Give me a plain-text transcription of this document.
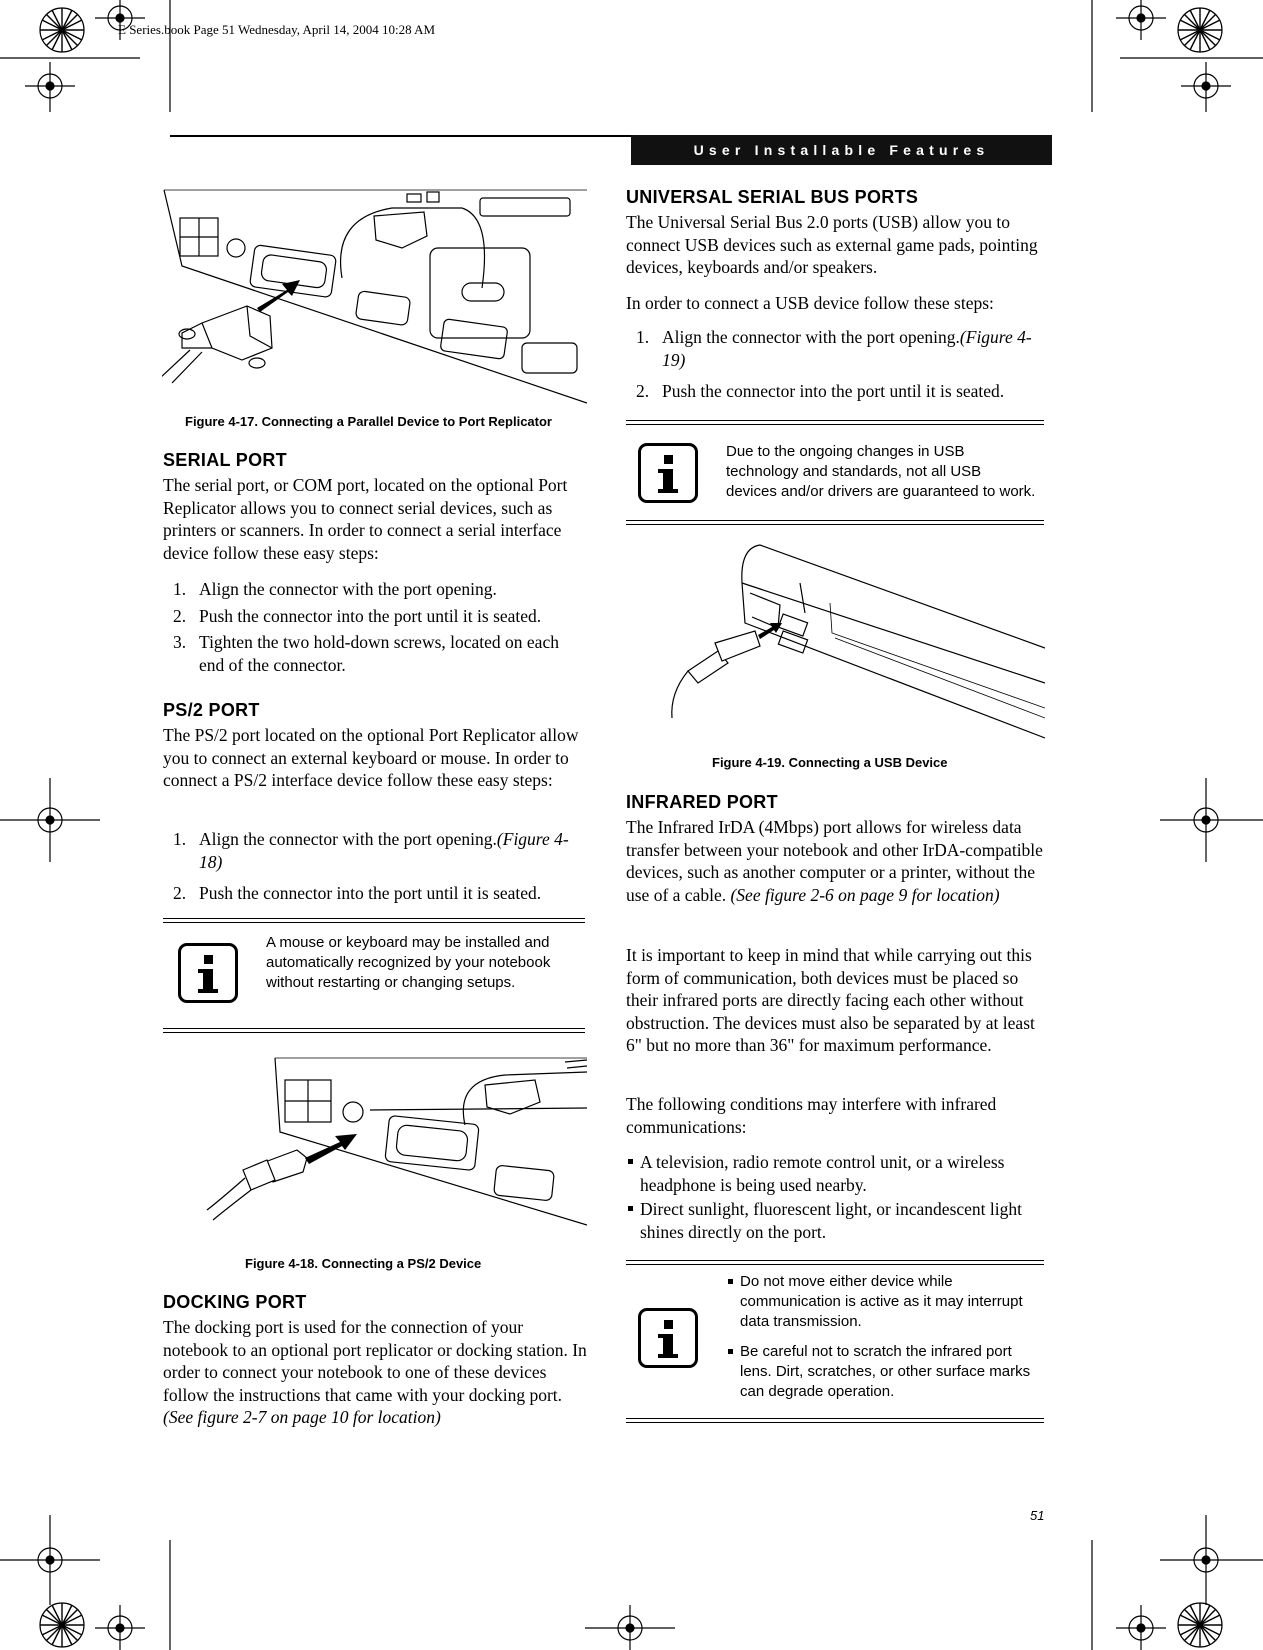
E Series.book Page 51 Wednesday, April 14, 2004 10:28 AM
User Installable Features
Figure 4-17. Connecting a Parallel Device to Port Replicator
SERIAL PORT
The serial port, or COM port, located on the optional Port Replicator allows you to connect serial devices, such as printers or scanners. In order to connect a serial interface device follow these easy steps:
1. Align the connector with the port opening.
2. Push the connector into the port until it is seated.
3. Tighten the two hold-down screws, located on each end of the connector.
PS/2 PORT
The PS/2 port located on the optional Port Replicator allow you to connect an external keyboard or mouse. In order to connect a PS/2 interface device follow these easy steps:
1. Align the connector with the port opening.(Figure 4-18)
2. Push the connector into the port until it is seated.
A mouse or keyboard may be installed and automatically recognized by your notebook without restarting or changing setups.
Figure 4-18. Connecting a PS/2 Device
DOCKING PORT
The docking port is used for the connection of your notebook to an optional port replicator or docking station. In order to connect your notebook to one of these devices follow the instructions that came with your docking port. (See figure 2-7 on page 10 for location)
UNIVERSAL SERIAL BUS PORTS
The Universal Serial Bus 2.0 ports (USB) allow you to connect USB devices such as external game pads, pointing devices, keyboards and/or speakers.
In order to connect a USB device follow these steps:
1. Align the connector with the port opening.(Figure 4-19)
2. Push the connector into the port until it is seated.
Due to the ongoing changes in USB technology and standards, not all USB devices and/or drivers are guaranteed to work.
Figure 4-19. Connecting a USB Device
INFRARED PORT
The Infrared IrDA (4Mbps) port allows for wireless data transfer between your notebook and other IrDA-compatible devices, such as another computer or a printer, without the use of a cable. (See figure 2-6 on page 9 for location)
It is important to keep in mind that while carrying out this form of communication, both devices must be placed so their infrared ports are directly facing each other without obstruction. The devices must also be separated by at least 6" but no more than 36" for maximum performance.
The following conditions may interfere with infrared communications:
A television, radio remote control unit, or a wireless headphone is being used nearby.
Direct sunlight, fluorescent light, or incandescent light shines directly on the port.
Do not move either device while communication is active as it may interrupt data transmission.
Be careful not to scratch the infrared port lens. Dirt, scratches, or other surface marks can degrade operation.
51
